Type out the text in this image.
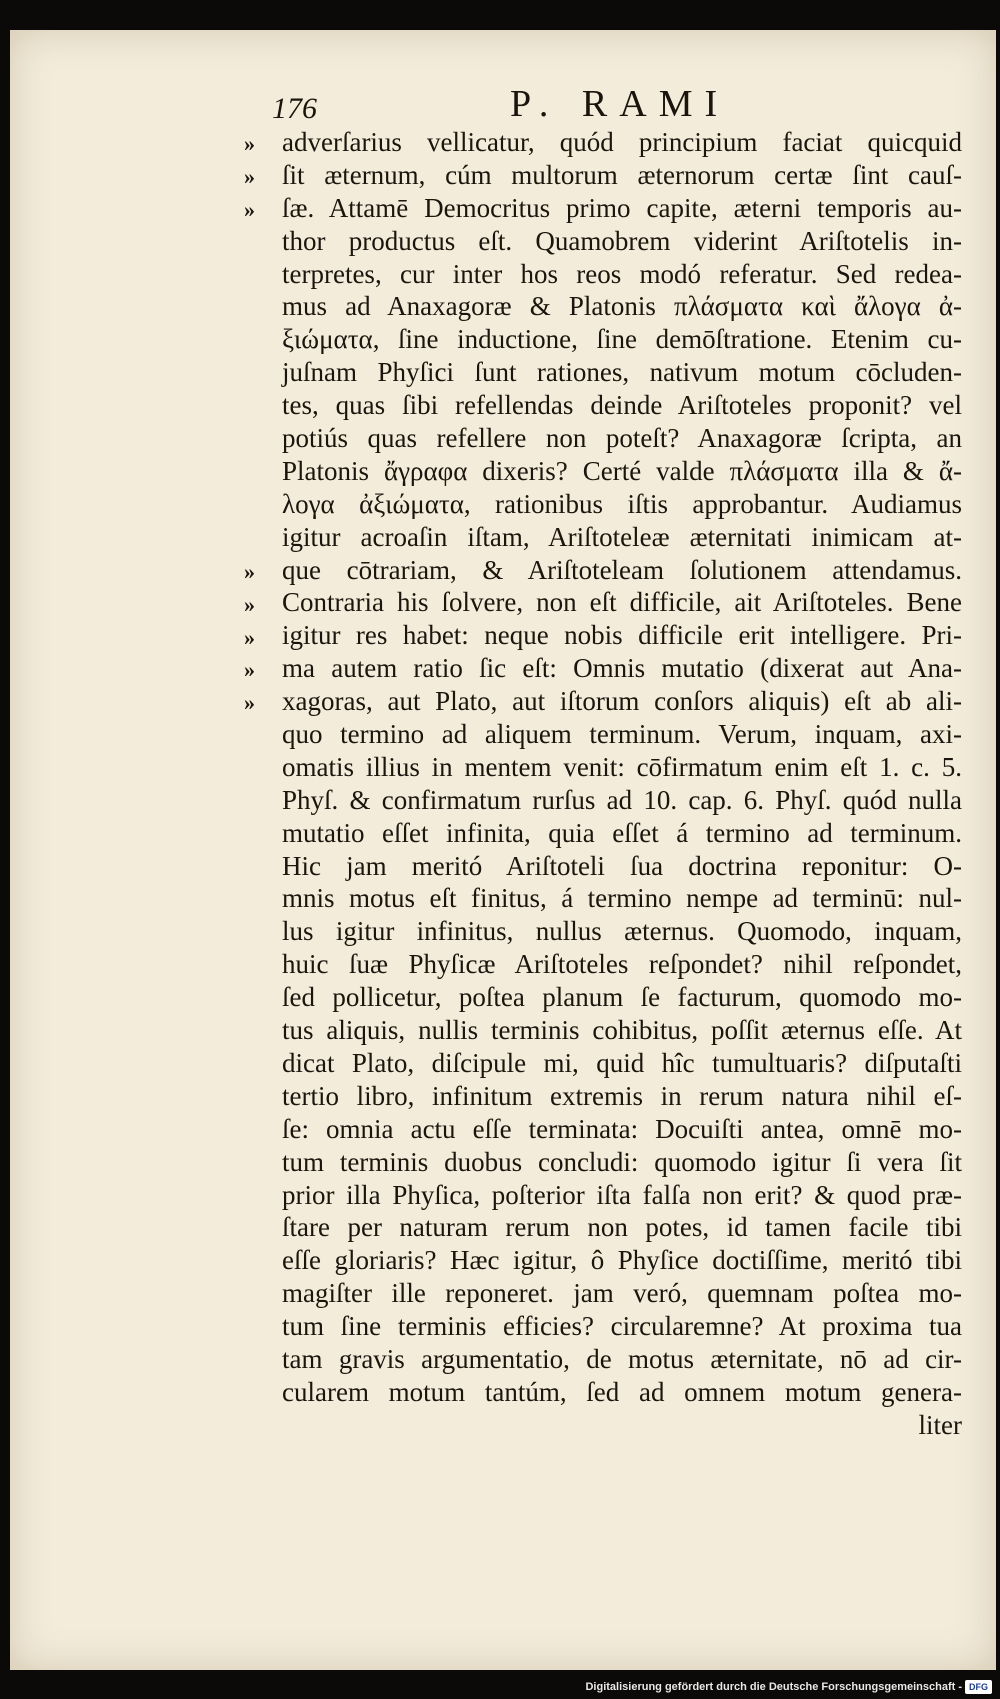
176	P. RAMI
»
»
»
»
»
»
»
»
adverſarius vellicatur, quód principium faciat quicquid
ſit æternum, cúm multorum æternorum certæ ſint cauſ-
ſæ. Attamē Democritus primo capite, æterni temporis au-
thor productus eſt. Quamobrem viderint Ariſtotelis in-
terpretes, cur inter hos reos modó referatur. Sed redea-
mus ad Anaxagoræ & Platonis πλάσματα καὶ ἄλογα ἀ-
ξιώματα, ſine inductione, ſine demōſtratione. Etenim cu-
juſnam Phyſici ſunt rationes, nativum motum cōcluden-
tes, quas ſibi refellendas deinde Ariſtoteles proponit? vel
potiús quas refellere non poteſt? Anaxagoræ ſcripta, an
Platonis ἄγραφα dixeris? Certé valde πλάσματα illa & ἄ-
λογα ἀξιώματα, rationibus iſtis approbantur. Audiamus
igitur acroaſin iſtam, Ariſtoteleæ æternitati inimicam at-
que cōtrariam, & Ariſtoteleam ſolutionem attendamus.
Contraria his ſolvere, non eſt difficile, ait Ariſtoteles. Bene
igitur res habet: neque nobis difficile erit intelligere. Pri-
ma autem ratio ſic eſt: Omnis mutatio (dixerat aut Ana-
xagoras, aut Plato, aut iſtorum conſors aliquis) eſt ab ali-
quo termino ad aliquem terminum. Verum, inquam, axi-
omatis illius in mentem venit: cōfirmatum enim eſt 1. c. 5.
Phyſ. & confirmatum rurſus ad 10. cap. 6. Phyſ. quód nulla
mutatio eſſet infinita, quia eſſet á termino ad terminum.
Hic jam meritó Ariſtoteli ſua doctrina reponitur: O-
mnis motus eſt finitus, á termino nempe ad terminū: nul-
lus igitur infinitus, nullus æternus. Quomodo, inquam,
huic ſuæ Phyſicæ Ariſtoteles reſpondet? nihil reſpondet,
ſed pollicetur, poſtea planum ſe facturum, quomodo mo-
tus aliquis, nullis terminis cohibitus, poſſit æternus eſſe. At
dicat Plato, diſcipule mi, quid hîc tumultuaris? diſputaſti
tertio libro, infinitum extremis in rerum natura nihil eſ-
ſe: omnia actu eſſe terminata: Docuiſti antea, omnē mo-
tum terminis duobus concludi: quomodo igitur ſi vera ſit
prior illa Phyſica, poſterior iſta falſa non erit? & quod præ-
ſtare per naturam rerum non potes, id tamen facile tibi
eſſe gloriaris? Hæc igitur, ô Phyſice doctiſſime, meritó tibi
magiſter ille reponeret. jam veró, quemnam poſtea mo-
tum ſine terminis efficies? circularemne? At proxima tua
tam gravis argumentatio, de motus æternitate, nō ad cir-
cularem motum tantúm, ſed ad omnem motum genera-
liter
Digitalisierung gefördert durch die Deutsche Forschungsgemeinschaft - DFG
